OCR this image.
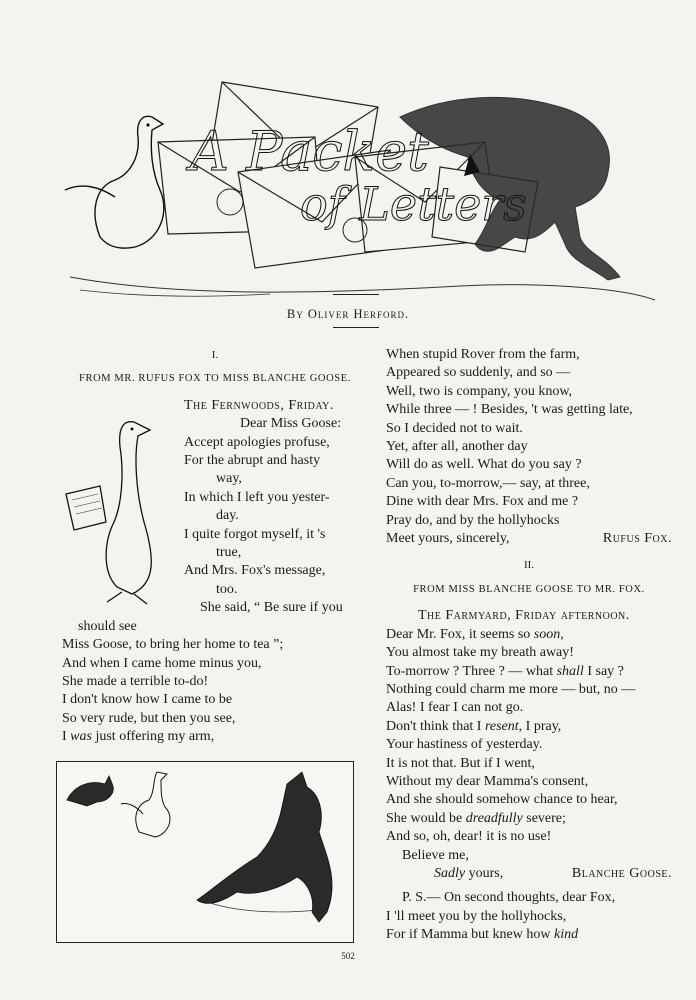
A Packet
of Letters
By Oliver Herford.
I.
FROM MR. RUFUS FOX TO MISS BLANCHE GOOSE.
The Fernwoods, Friday.
Dear Miss Goose:
Accept apologies profuse,
For the abrupt and hasty
way,
In which I left you yester-
day.
I quite forgot myself, it 's
true,
And Mrs. Fox's message,
too.
She said, “ Be sure if you
should see
Miss Goose, to bring her home to tea ”;
And when I came home minus you,
She made a terrible to-do!
I don't know how I came to be
So very rude, but then you see,
I was just offering my arm,
When stupid Rover from the farm,
Appeared so suddenly, and so —
Well, two is company, you know,
While three — ! Besides, 't was getting late,
So I decided not to wait.
Yet, after all, another day
Will do as well. What do you say ?
Can you, to-morrow,— say, at three,
Dine with dear Mrs. Fox and me ?
Pray do, and by the hollyhocks
Meet yours, sincerely,	Rufus Fox.
II.
FROM MISS BLANCHE GOOSE TO MR. FOX.
The Farmyard, Friday afternoon.
Dear Mr. Fox, it seems so soon,
You almost take my breath away!
To-morrow ? Three ? — what shall I say ?
Nothing could charm me more — but, no —
Alas! I fear I can not go.
Don't think that I resent, I pray,
Your hastiness of yesterday.
It is not that. But if I went,
Without my dear Mamma's consent,
And she should somehow chance to hear,
She would be dreadfully severe;
And so, oh, dear! it is no use!
Believe me,
Sadly yours,	Blanche Goose.
P. S.— On second thoughts, dear Fox,
I 'll meet you by the hollyhocks,
For if Mamma but knew how kind
502
